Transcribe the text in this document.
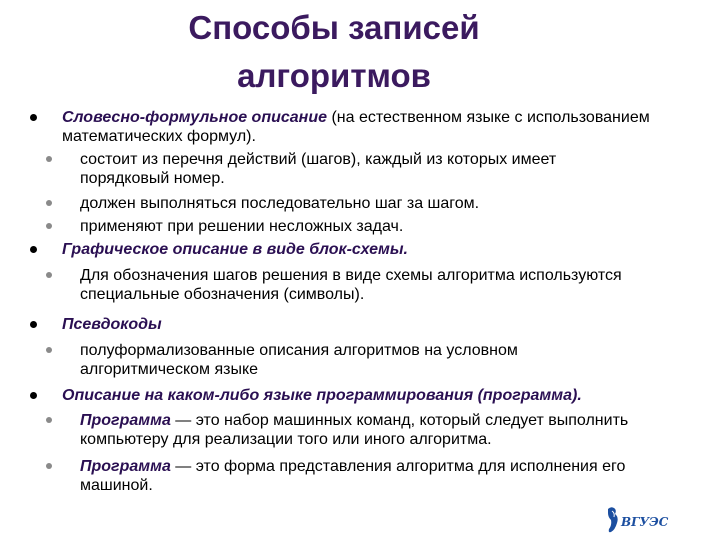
Способы записей
алгоритмов
Словесно-формульное описание (на естественном языке с использованием математических формул).
состоит из перечня действий (шагов), каждый из которых имеет порядковый номер.
должен выполняться последовательно шаг за шагом.
применяют при решении несложных задач.
Графическое описание в виде блок-схемы.
Для обозначения шагов решения в виде схемы алгоритма используются специальные обозначения (символы).
Псевдокоды
полуформализованные описания алгоритмов на условном алгоритмическом языке
Описание на каком-либо языке программирования (программа).
Программа — это набор машинных команд, который следует выполнить компьютеру для реализации того или иного алгоритма.
Программа — это форма представления алгоритма для исполнения его машиной.
ВГУЭС
